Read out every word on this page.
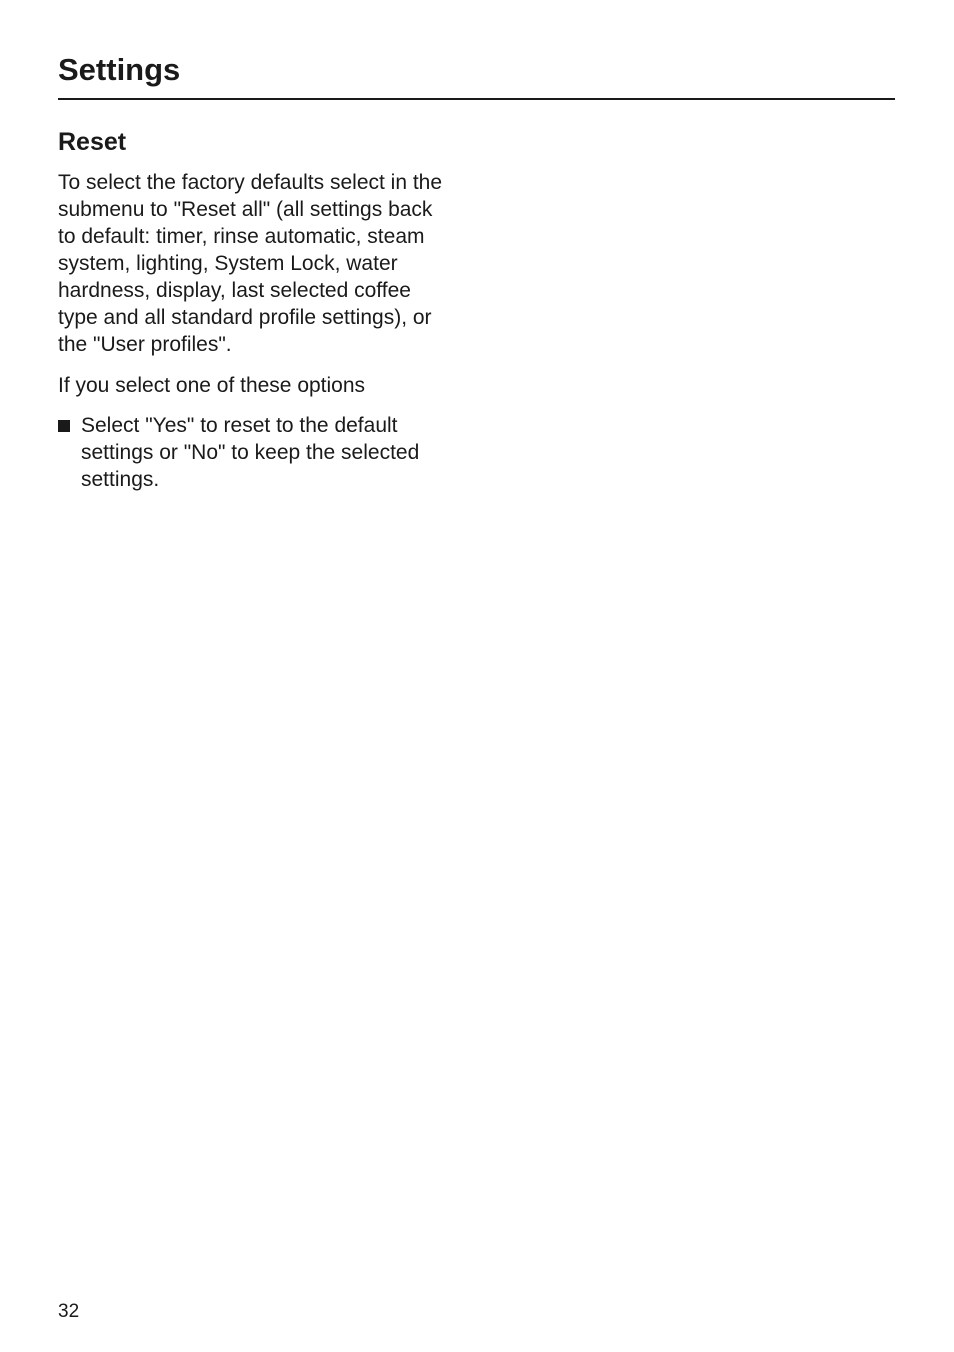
Settings
Reset

To select the factory defaults select in the submenu to "Reset all" (all settings back to default: timer, rinse automatic, steam system, lighting, System Lock, water hardness, display, last selected coffee type and all standard profile settings), or the "User profiles".

If you select one of these options

Select "Yes" to reset to the default settings or "No" to keep the selected settings.
32
